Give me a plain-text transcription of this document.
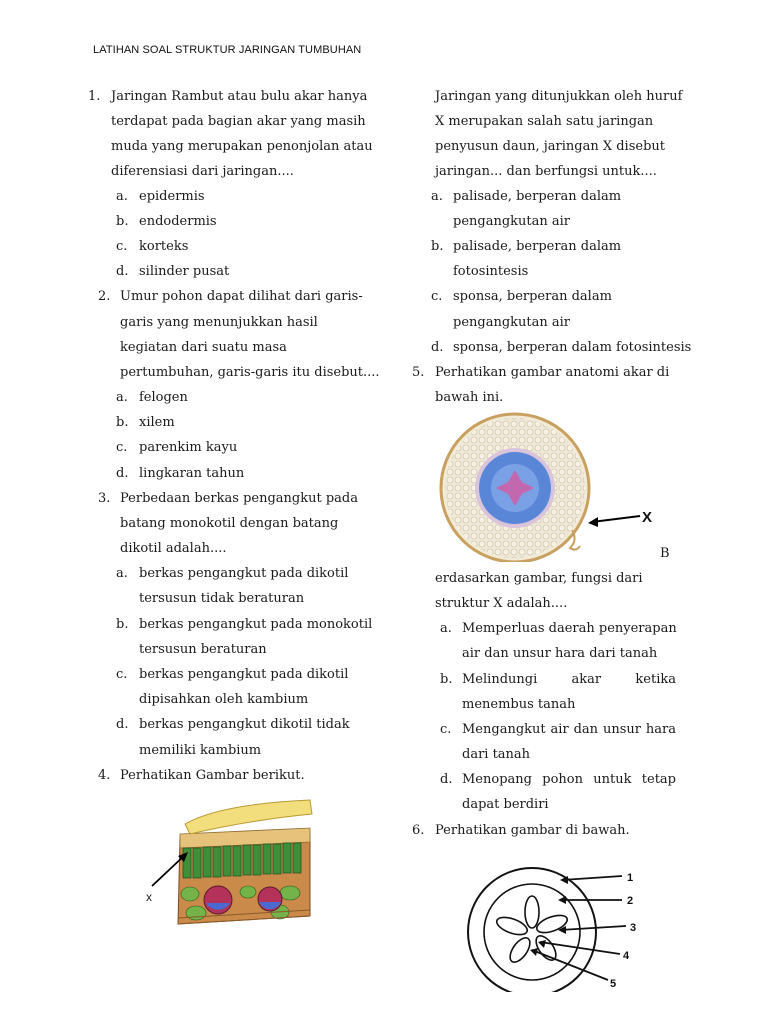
LATIHAN SOAL STRUKTUR JARINGAN TUMBUHAN
1. Jaringan Rambut atau bulu akar hanya
terdapat pada bagian akar yang masih
muda yang merupakan penonjolan atau
diferensiasi dari jaringan....
a. epidermis
b. endodermis
c. korteks
d. silinder pusat
2. Umur pohon dapat dilihat dari garis-
garis yang menunjukkan hasil
kegiatan dari suatu masa
pertumbuhan, garis-garis itu disebut....
a. felogen
b. xilem
c. parenkim kayu
d. lingkaran tahun
3. Perbedaan berkas pengangkut pada
batang monokotil dengan batang
dikotil adalah....
a. berkas pengangkut pada dikotil
tersusun tidak beraturan
b. berkas pengangkut pada monokotil
tersusun beraturan
c. berkas pengangkut pada dikotil
dipisahkan oleh kambium
d. berkas pengangkut dikotil tidak
memiliki kambium
4. Perhatikan Gambar berikut.
x
Jaringan yang ditunjukkan oleh huruf
X merupakan salah satu jaringan
penyusun daun, jaringan X disebut
jaringan... dan berfungsi untuk....
a. palisade, berperan dalam
pengangkutan air
b. palisade, berperan dalam
fotosintesis
c. sponsa, berperan dalam
pengangkutan air
d. sponsa, berperan dalam fotosintesis
5. Perhatikan gambar anatomi akar di
bawah ini.
X
B
erdasarkan gambar, fungsi dari
struktur X adalah....
a. Memperluas daerah penyerapan
air dan unsur hara dari tanah
b. Melindungi akar ketika
menembus tanah
c. Mengangkut air dan unsur hara
dari tanah
d. Menopang pohon untuk tetap
dapat berdiri
6. Perhatikan gambar di bawah.
1
2
3
4
5
